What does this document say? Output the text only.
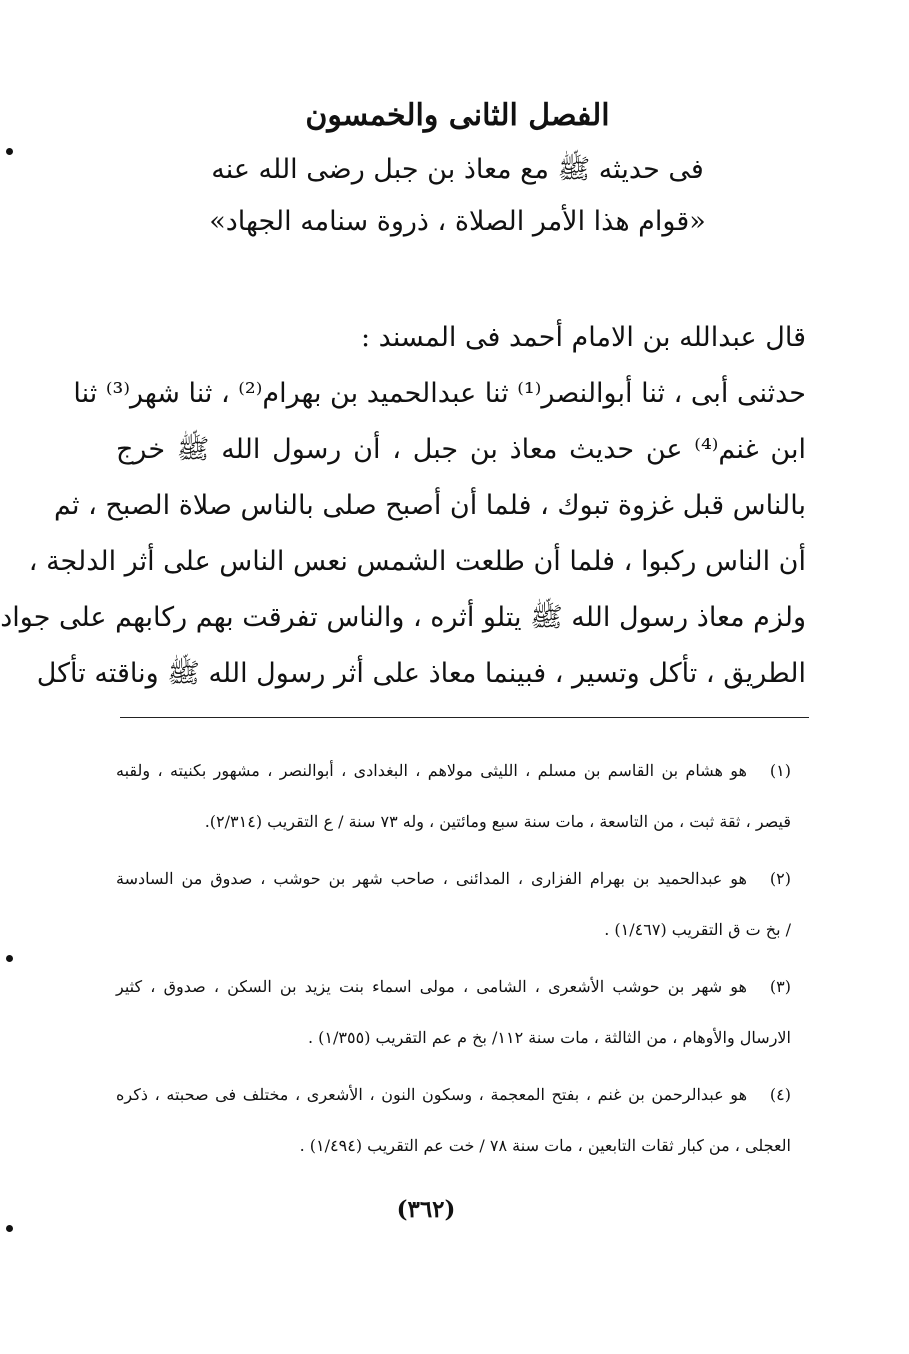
الفصل الثانى والخمسون
فى حديثه ﷺ مع معاذ بن جبل رضى الله عنه
«قوام هذا الأمر الصلاة ، ذروة سنامه الجهاد»
قال عبدالله بن الامام أحمد فى المسند :
حدثنى أبى ، ثنا أبوالنصر⁽¹⁾ ثنا عبدالحميد بن بهرام⁽²⁾ ، ثنا شهر⁽³⁾ ثنا
ابن غنم⁽⁴⁾ عن حديث معاذ بن جبل ، أن رسول الله ﷺ خرج
بالناس قبل غزوة تبوك ، فلما أن أصبح صلى بالناس صلاة الصبح ، ثم
أن الناس ركبوا ، فلما أن طلعت الشمس نعس الناس على أثر الدلجة ،
ولزم معاذ رسول الله ﷺ يتلو أثره ، والناس تفرقت بهم ركابهم على جواد
الطريق ، تأكل وتسير ، فبينما معاذ على أثر رسول الله ﷺ وناقته تأكل
(١)هو هشام بن القاسم بن مسلم ، الليثى مولاهم ، البغدادى ، أبوالنصر ، مشهور بكنيته ، ولقبه
قيصر ، ثقة ثبت ، من التاسعة ، مات سنة سبع ومائتين ، وله ٧٣ سنة / ع التقريب (٢/٣١٤).
(٢)هو عبدالحميد بن بهرام الفزارى ، المدائنى ، صاحب شهر بن حوشب ، صدوق من السادسة
/ بخ ت ق التقريب (١/٤٦٧) .
(٣)هو شهر بن حوشب الأشعرى ، الشامى ، مولى اسماء بنت يزيد بن السكن ، صدوق ، كثير
الارسال والأوهام ، من الثالثة ، مات سنة ١١٢/ بخ م عم التقريب (١/٣٥٥) .
(٤)هو عبدالرحمن بن غنم ، بفتح المعجمة ، وسكون النون ، الأشعرى ، مختلف فى صحبته ، ذكره
العجلى ، من كبار ثقات التابعين ، مات سنة ٧٨ / خت عم التقريب (١/٤٩٤) .
(٣٦٢)
